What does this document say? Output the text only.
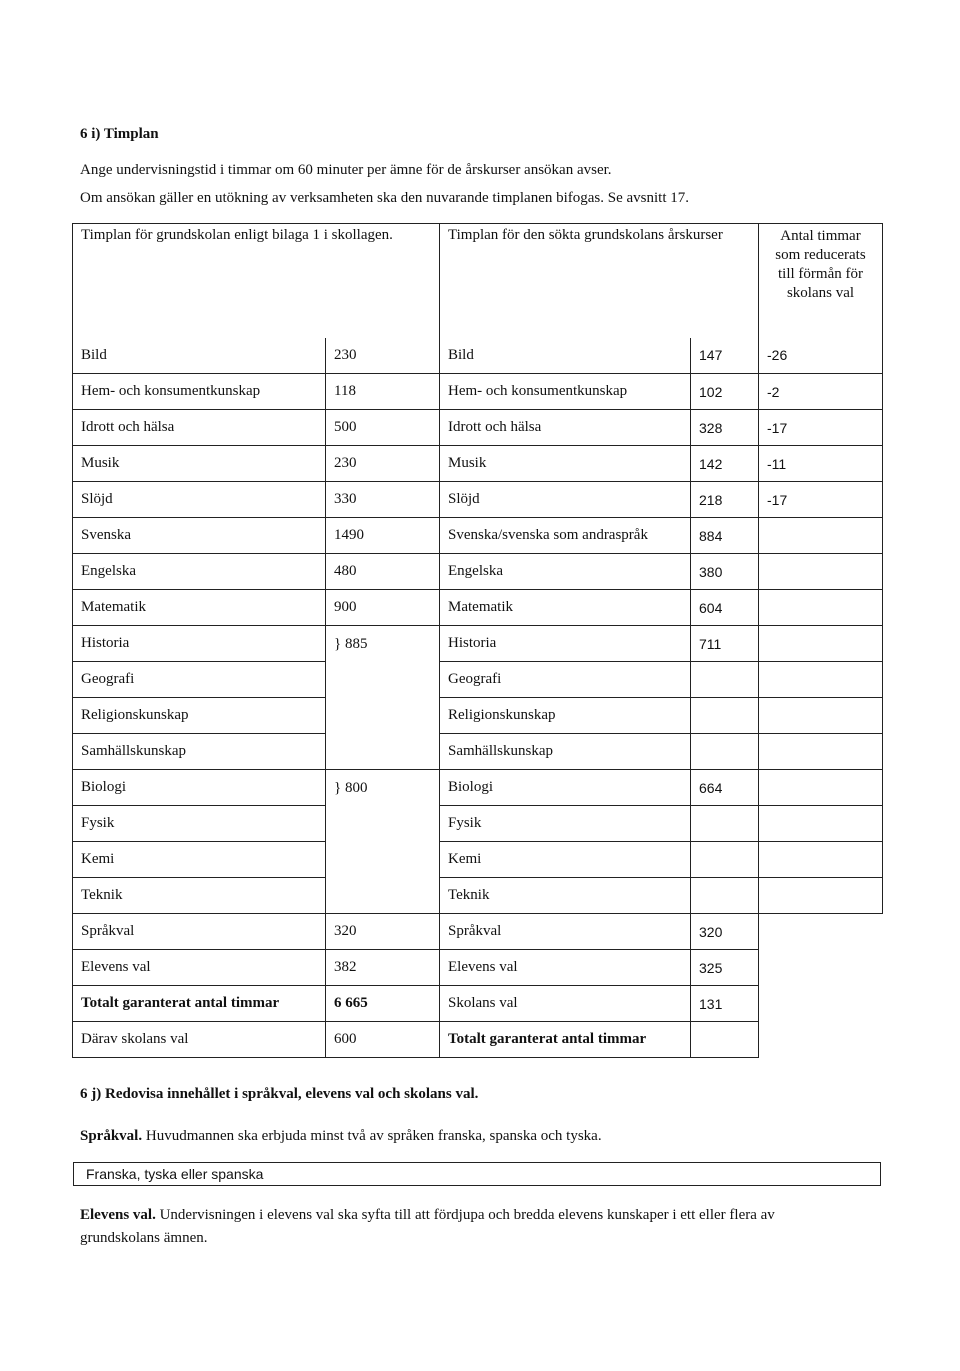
6 i) Timplan
Ange undervisningstid i timmar om 60 minuter per ämne för de årskurser ansökan avser.
Om ansökan gäller en utökning av verksamheten ska den nuvarande timplanen bifogas. Se avsnitt 17.
Timplan för grundskolan enligt bilaga 1 i skollagen.		Timplan för den sökta grundskolans årskurser		Antal timmar
som reducerats
till förmån för
skolans val

Bild	230	Bild	147	-26
Hem- och konsumentkunskap	118	Hem- och konsumentkunskap	102	-2
Idrott och hälsa	500	Idrott och hälsa	328	-17
Musik	230	Musik	142	-11
Slöjd	330	Slöjd	218	-17
Svenska	1490	Svenska/svenska som andraspråk	884	
Engelska	480	Engelska	380	
Matematik	900	Matematik	604	
Historia	} 885	Historia	711	
Geografi		Geografi		
Religionskunskap		Religionskunskap		
Samhällskunskap		Samhällskunskap		
Biologi	} 800	Biologi	664	
Fysik		Fysik		
Kemi		Kemi		
Teknik		Teknik		
Språkval	320	Språkval	320	
Elevens val	382	Elevens val	325	
Totalt garanterat antal timmar	6 665	Skolans val	131	
Därav skolans val	600	Totalt garanterat antal timmar		
6 j) Redovisa innehållet i språkval, elevens val och skolans val.
Språkval. Huvudmannen ska erbjuda minst två av språken franska, spanska och tyska.
Franska, tyska eller spanska
Elevens val. Undervisningen i elevens val ska syfta till att fördjupa och bredda elevens kunskaper i ett eller flera av
grundskolans ämnen.
